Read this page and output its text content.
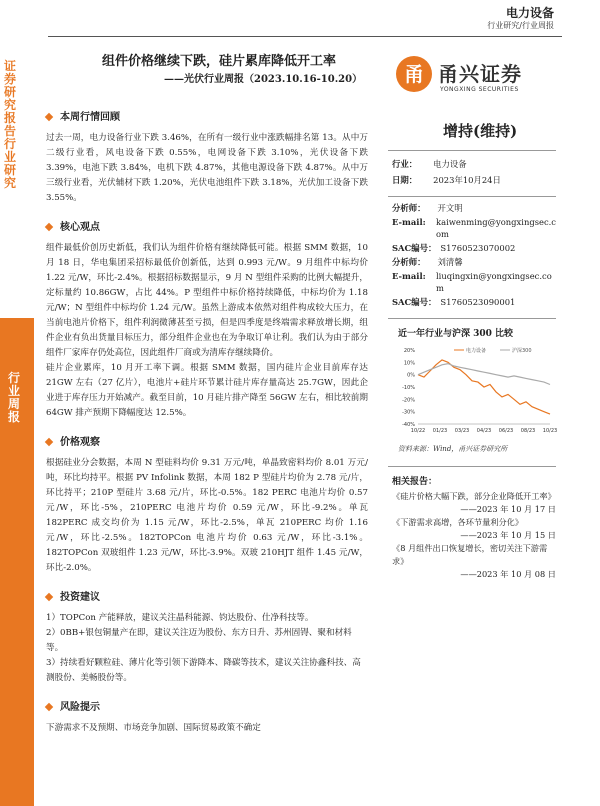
电力设备
行业研究/行业周报
证券研究报告 行业研究
行业周报
组件价格继续下跌，硅片累库降低开工率
——光伏行业周报（2023.10.16-10.20）	甬 甬兴证券
YONGXING SECURITIES
本周行情回顾
过去一周，电力设备行业下跌 3.46%，在所有一级行业中涨跌幅排名第 13。从中万二级行业看，风电设备下跌 0.55%，电网设备下跌 3.10%，光伏设备下跌 3.39%，电池下跌 3.84%，电机下跌 4.87%，其他电源设备下跌 4.87%。从中万三级行业看，光伏辅材下跌 1.20%，光伏电池组件下跌 3.18%，光伏加工设备下跌 3.55%。
核心观点
组件最低价创历史新低，我们认为组件价格有继续降低可能。根据 SMM 数据，10 月 18 日，华电集团采招标最低价创新低，达到 0.993 元/W。9 月组件中标均价 1.22 元/W，环比-2.4%。根据招标数据显示，9 月 N 型组件采购的比例大幅提升，定标量约 10.86GW，占比 44%。P 型组件中标价格持续降低，中标均价为 1.18 元/W；N 型组件中标均价 1.24 元/W。虽然上游成本依然对组件构成较大压力，在当前电池片价格下，组件利润微薄甚至亏损，但是四季度是终端需求释放增长期，组件企业有负出货量目标压力，部分组件企业也在为争取订单让利。我们认为由于部分组件厂家库存仍处高位，因此组件厂商或为清库存继续降价。
硅片企业累库，10 月开工率下调。根据 SMM 数据，国内硅片企业目前库存达 21GW 左右（27 亿片），电池片+硅片环节累计硅片库存量高达 25.7GW，因此企业进于库存压力开始减产。截至目前，10 月硅片排产降至 56GW 左右，相比较前期 64GW 排产预期下降幅度达 12.5%。
价格观察
根据硅业分会数据，本周 N 型硅料均价 9.31 万元/吨，单晶致密料均价 8.01 万元/吨，环比均持平。根据 PV Infolink 数据，本周 182 P 型硅片均价为 2.78 元/片，环比持平；210P 型硅片 3.68 元/片，环比-0.5%。182 PERC 电池片均价 0.57 元/W，环比-5%，210PERC 电池片均价 0.59 元/W，环比-9.2%。单瓦 182PERC 成交均价为 1.15 元/W，环比-2.5%，单瓦 210PERC 均价 1.16 元/W，环比-2.5%。182TOPCon 电池片均价 0.63 元/W，环比-3.1%。182TOPCon 双玻组件 1.23 元/W，环比-3.9%。双玻 210HJT 组件 1.45 元/W，环比-2.0%。
投资建议
1）TOPCon 产能释放，建议关注晶科能源、钧达股份、仕净科技等。
2）0BB+银包铜量产在即，建议关注迈为股份、东方日升、苏州固锝、聚和材料等。
3）持续看好颗粒硅、薄片化等引领下游降本、降碳等技术，建议关注协鑫科技、高测股份、美畅股份等。
风险提示
下游需求不及预期、市场竞争加剧、国际贸易政策不确定
增持(维持)
行业： 电力设备
日期： 2023年10月24日
分析师： 开文明
E-mail:	kaiwenming@yongxingsec.com
SAC编号： S1760523070002
分析师： 刘清馨
E-mail:	liuqingxin@yongxingsec.com
SAC编号： S1760523090001
近一年行业与沪深 300 比较
20%
10%
0%
-10%
-20%
-30%
-40%
10/22 01/23 03/23 04/23 06/23 08/23 10/23
电力设备	沪深300
资料来源：Wind，甬兴证券研究所
相关报告：
《硅片价格大幅下跌，部分企业降低开工率》
——2023 年 10 月 17 日
《下游需求高增，各环节量利分化》
——2023 年 10 月 15 日
《8 月组件出口恢复增长，密切关注下游需求》
——2023 年 10 月 08 日
